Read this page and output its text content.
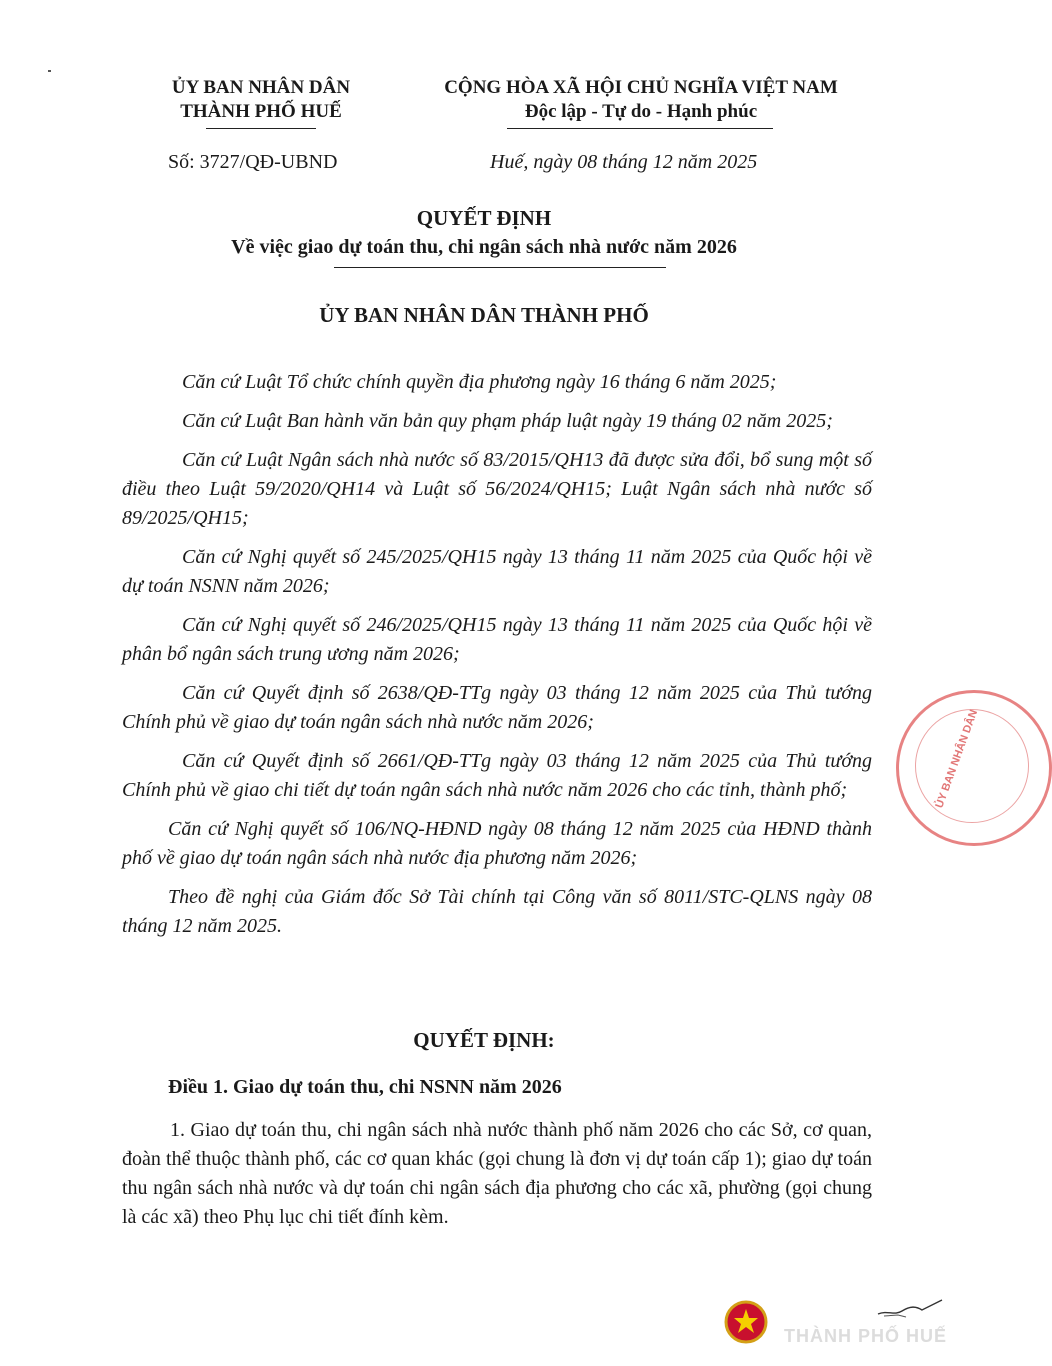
ỦY BAN NHÂN DÂN
THÀNH PHỐ HUẾ
CỘNG HÒA XÃ HỘI CHỦ NGHĨA VIỆT NAM
Độc lập - Tự do - Hạnh phúc
Số: 3727/QĐ-UBND	Huế, ngày 08 tháng 12 năm 2025
QUYẾT ĐỊNH
Về việc giao dự toán thu, chi ngân sách nhà nước năm 2026
ỦY BAN NHÂN DÂN THÀNH PHỐ

Căn cứ Luật Tổ chức chính quyền địa phương ngày 16 tháng 6 năm 2025;

Căn cứ Luật Ban hành văn bản quy phạm pháp luật ngày 19 tháng 02 năm 2025;

Căn cứ Luật Ngân sách nhà nước số 83/2015/QH13 đã được sửa đổi, bổ sung một số điều theo Luật 59/2020/QH14 và Luật số 56/2024/QH15; Luật Ngân sách nhà nước số 89/2025/QH15;

Căn cứ Nghị quyết số 245/2025/QH15 ngày 13 tháng 11 năm 2025 của Quốc hội về dự toán NSNN năm 2026;

Căn cứ Nghị quyết số 246/2025/QH15 ngày 13 tháng 11 năm 2025 của Quốc hội về phân bổ ngân sách trung ương năm 2026;

Căn cứ Quyết định số 2638/QĐ-TTg ngày 03 tháng 12 năm 2025 của Thủ tướng Chính phủ về giao dự toán ngân sách nhà nước năm 2026;

Căn cứ Quyết định số 2661/QĐ-TTg ngày 03 tháng 12 năm 2025 của Thủ tướng Chính phủ về giao chi tiết dự toán ngân sách nhà nước năm 2026 cho các tỉnh, thành phố;

Căn cứ Nghị quyết số 106/NQ-HĐND ngày 08 tháng 12 năm 2025 của HĐND thành phố về giao dự toán ngân sách nhà nước địa phương năm 2026;

Theo đề nghị của Giám đốc Sở Tài chính tại Công văn số 8011/STC-QLNS ngày 08 tháng 12 năm 2025.

QUYẾT ĐỊNH:
Điều 1. Giao dự toán thu, chi NSNN năm 2026

1. Giao dự toán thu, chi ngân sách nhà nước thành phố năm 2026 cho các Sở, cơ quan, đoàn thể thuộc thành phố, các cơ quan khác (gọi chung là đơn vị dự toán cấp 1); giao dự toán thu ngân sách nhà nước và dự toán chi ngân sách địa phương cho các xã, phường (gọi chung là các xã) theo Phụ lục chi tiết đính kèm.

ỦY BAN NHÂN DÂN
THÀNH PHỐ HUẾ
